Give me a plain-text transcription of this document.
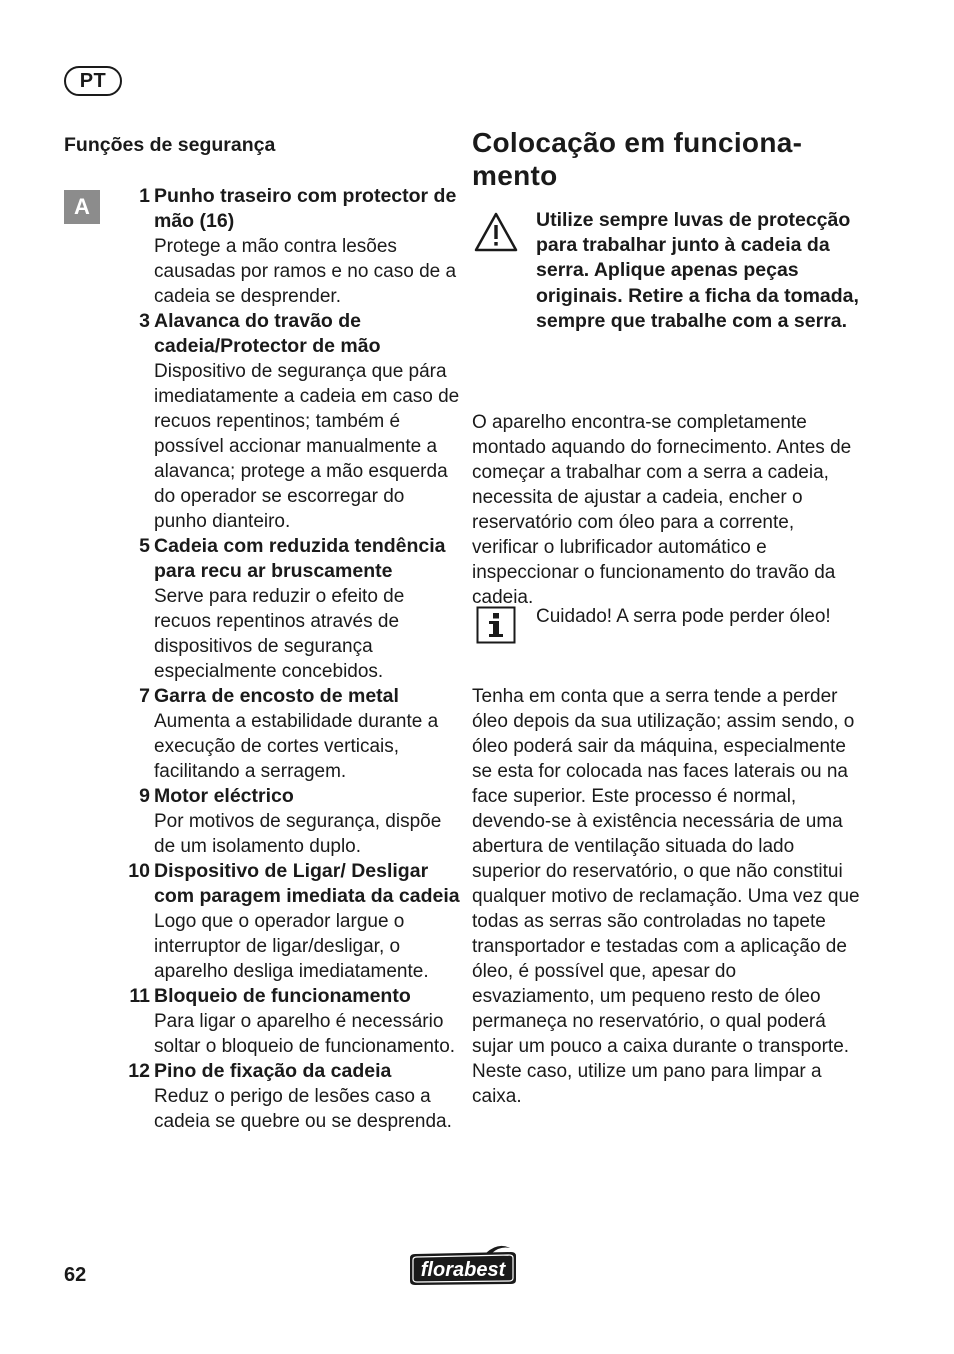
PT
Funções de segurança
A	1 Punho traseiro com protector de mão (16)
Protege a mão contra lesões causadas por ramos e no caso de a cadeia se desprender.
3 Alavanca do travão de cadeia/Protector de mão
Dispositivo de segurança que pára imediatamente a cadeia em caso de recuos repentinos; também é possível accionar manualmente a alavanca; protege a mão esquerda do operador se escorregar do punho dianteiro.
5 Cadeia com reduzida tendência para recu ar bruscamente
Serve para reduzir o efeito de recuos repentinos através de dispositivos de segurança especialmente concebidos.
7 Garra de encosto de metal
Aumenta a estabilidade durante a execução de cortes verticais, facilitando a serragem.
9 Motor eléctrico
Por motivos de segurança, dispõe de um isolamento duplo.
10 Dispositivo de Ligar/ Desligar com paragem imediata da cadeia
Logo que o operador largue o interruptor de ligar/desligar, o aparelho desliga imediatamente.
11 Bloqueio de funcionamento
Para ligar o aparelho é necessário soltar o bloqueio de funcionamento.
12 Pino de fixação da cadeia
Reduz o perigo de lesões caso a cadeia se quebre ou se desprenda.
Colocação em funciona- mento
Utilize sempre luvas de protecção para trabalhar junto à cadeia da serra. Aplique apenas peças originais. Retire a ficha da tomada, sempre que trabalhe com a serra.

O aparelho encontra-se completamente montado aquando do fornecimento. Antes de começar a trabalhar com a serra a cadeia, necessita de ajustar a cadeia, encher o reservatório com óleo para a corrente, verificar o lubrificador automático e inspeccionar o funcionamento do travão da cadeia.

Cuidado! A serra pode perder óleo!

Tenha em conta que a serra tende a perder óleo depois da sua utilização; assim sendo, o óleo poderá sair da máquina, especialmente se esta for colocada nas faces laterais ou na face superior. Este processo é normal, devendo-se à existência necessária de uma abertura de ventilação situada do lado superior do reservatório, o que não constitui qualquer motivo de reclamação. Uma vez que todas as serras são controladas no tapete transportador e testadas com a aplicação de óleo, é possível que, apesar do esvaziamento, um pequeno resto de óleo permaneça no reservatório, o qual poderá sujar um pouco a caixa durante o transporte. Neste caso, utilize um pano para limpar a caixa.

62	florabest
